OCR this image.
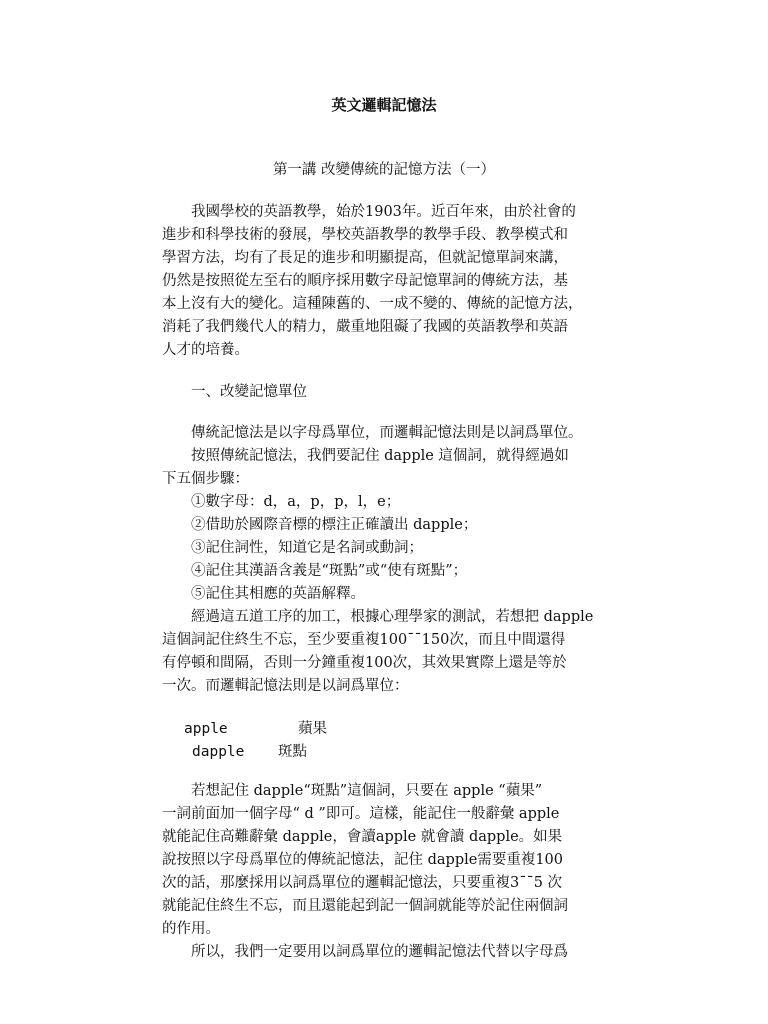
英文邏輯記憶法
第一講 改變傳統的記憶方法（一）
　　我國學校的英語教學，始於1903年。近百年來，由於社會的
進步和科學技術的發展，學校英語教學的教學手段、教學模式和
學習方法，均有了長足的進步和明顯提高，但就記憶單詞來講，
仍然是按照從左至右的順序採用數字母記憶單詞的傳統方法，基
本上沒有大的變化。這種陳舊的、一成不變的、傳統的記憶方法，
消耗了我們幾代人的精力，嚴重地阻礙了我國的英語教學和英語
人才的培養。
　　一、改變記憶單位
　　傳統記憶法是以字母爲單位，而邏輯記憶法則是以詞爲單位。
　　按照傳統記憶法，我們要記住 dapple 這個詞，就得經過如
下五個步驟：
　　①數字母：d，a，p，p，l，e；
　　②借助於國際音標的標注正確讀出 dapple；
　　③記住詞性，知道它是名詞或動詞；
　　④記住其漢語含義是“斑點”或“使有斑點”；
　　⑤記住其相應的英語解釋。
　　經過這五道工序的加工，根據心理學家的測試，若想把 dapple
這個詞記住終生不忘，至少要重複100¯¯150次，而且中間還得
有停頓和間隔，否則一分鐘重複100次，其效果實際上還是等於
一次。而邏輯記憶法則是以詞爲單位：
apple	蘋果
dapple 斑點
　　若想記住 dapple“斑點”這個詞，只要在 apple “蘋果”
一詞前面加一個字母“ d ”即可。這樣，能記住一般辭彙 apple
就能記住高難辭彙 dapple，會讀apple 就會讀 dapple。如果
說按照以字母爲單位的傳統記憶法，記住 dapple需要重複100
次的話，那麼採用以詞爲單位的邏輯記憶法，只要重複3¯¯5 次
就能記住終生不忘，而且還能起到記一個詞就能等於記住兩個詞
的作用。
　　所以，我們一定要用以詞爲單位的邏輯記憶法代替以字母爲
